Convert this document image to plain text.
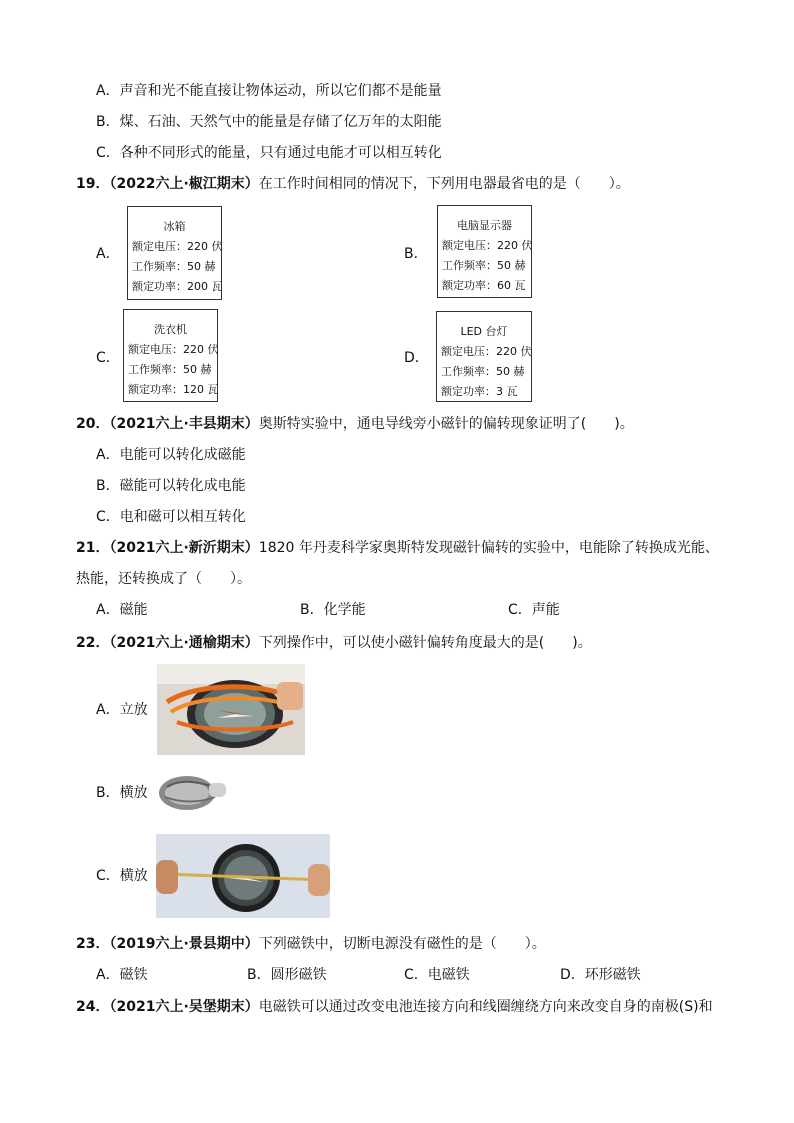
A．声音和光不能直接让物体运动，所以它们都不是能量
B．煤、石油、天然气中的能量是存储了亿万年的太阳能
C．各种不同形式的能量，只有通过电能才可以相互转化
19．（2022六上·椒江期末）在工作时间相同的情况下，下列用电器最省电的是（　　）。
A．
冰箱
额定电压：220 伏
工作频率：50 赫
额定功率：200 瓦
B．
电脑显示器
额定电压：220 伏
工作频率：50 赫
额定功率：60 瓦
C．
洗衣机
额定电压：220 伏
工作频率：50 赫
额定功率：120 瓦
D．
LED 台灯
额定电压：220 伏
工作频率：50 赫
额定功率：3 瓦
20．（2021六上·丰县期末）奥斯特实验中，通电导线旁小磁针的偏转现象证明了(　　)。
A．电能可以转化成磁能
B．磁能可以转化成电能
C．电和磁可以相互转化
21．（2021六上·新沂期末）1820 年丹麦科学家奥斯特发现磁针偏转的实验中，电能除了转换成光能、
热能，还转换成了（　　）。
A．磁能	B．化学能	C．声能
22．（2021六上·通榆期末）下列操作中，可以使小磁针偏转角度最大的是(　　)。
A．立放
B．横放
C．横放
23．（2019六上·景县期中）下列磁铁中，切断电源没有磁性的是（　　）。
A．磁铁	B．圆形磁铁	C．电磁铁	D．环形磁铁
24．（2021六上·吴堡期末）电磁铁可以通过改变电池连接方向和线圈缠绕方向来改变自身的南极(S)和
